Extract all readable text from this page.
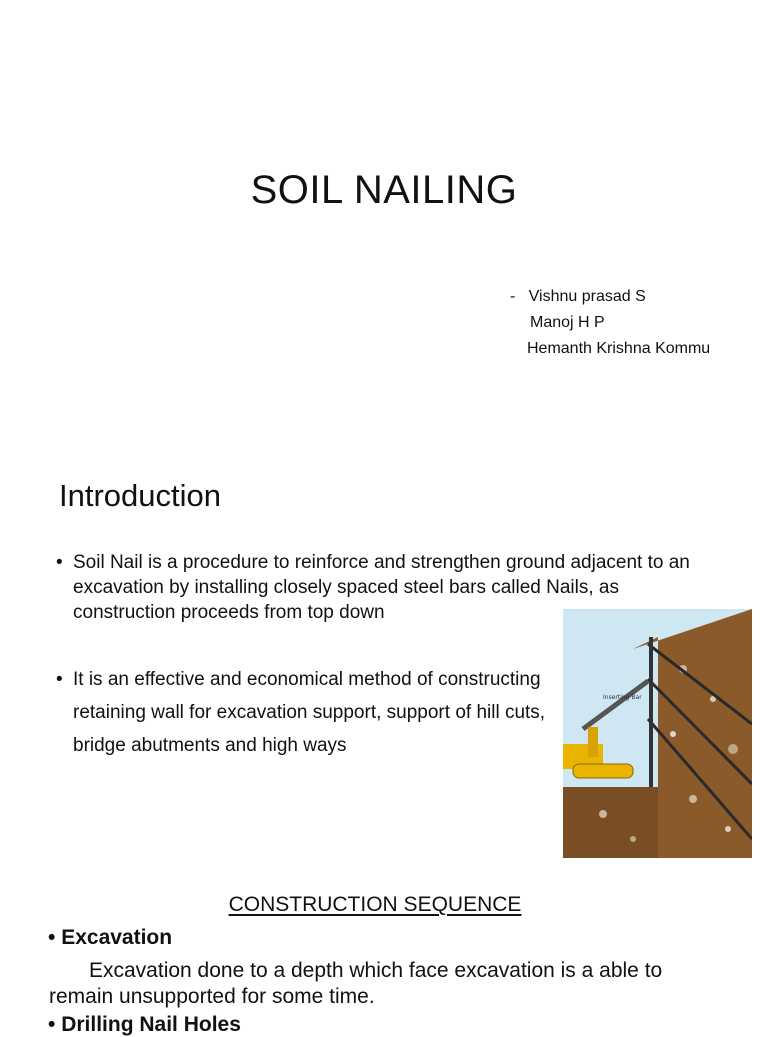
SOIL NAILING
- Vishnu prasad S
Manoj H P
Hemanth Krishna Kommu
Introduction
• Soil Nail is a procedure to reinforce and strengthen ground adjacent to an excavation by installing closely spaced steel bars called Nails, as construction proceeds from top down
• It is an effective and economical method of constructing retaining wall for excavation support, support of hill cuts, bridge abutments and high ways
Inserting Bar
CONSTRUCTION SEQUENCE
• Excavation
Excavation done to a depth which face excavation is a able to remain unsupported for some time.
• Drilling Nail Holes
